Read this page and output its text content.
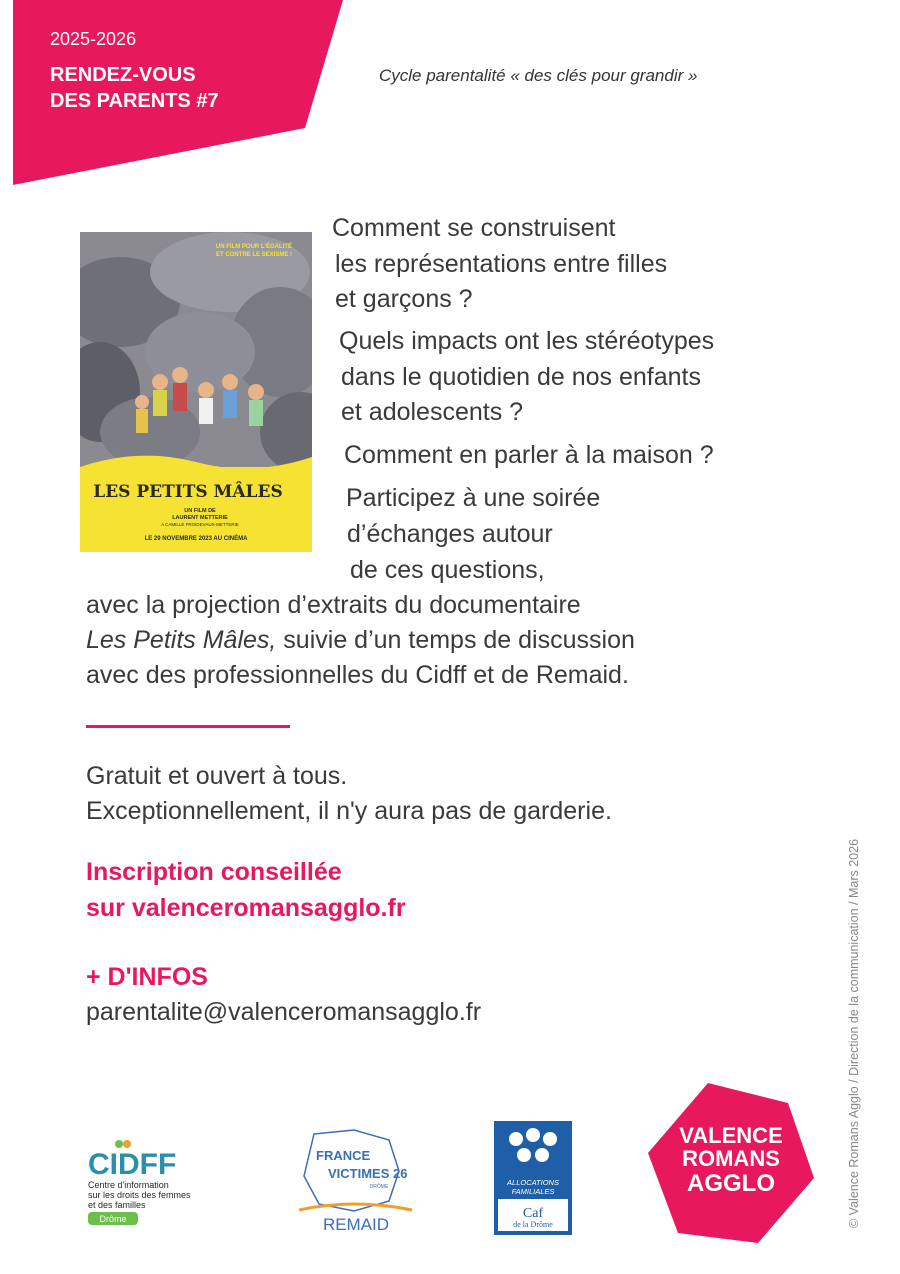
2025-2026
RENDEZ-VOUS
DES PARENTS #7
Cycle parentalité « des clés pour grandir »
UN FILM POUR L'ÉGALITÉ
ET CONTRE LE SEXISME !
LES PETITS MÂLES
UN FILM DE
LAURENT METTERIE
A CAMILLE FROIDEVAUX-METTERIE
LE 29 NOVEMBRE 2023 AU CINÉMA
Comment se construisent
les représentations entre filles
et garçons ?
Quels impacts ont les stéréotypes
dans le quotidien de nos enfants
et adolescents ?
Comment en parler à la maison ?
Participez à une soirée
d’échanges autour
de ces questions,
avec la projection d’extraits du documentaire
Les Petits Mâles, suivie d’un temps de discussion
avec des professionnelles du Cidff et de Remaid.
Gratuit et ouvert à tous.
Exceptionnellement, il n'y aura pas de garderie.
Inscription conseillée
sur valenceromansagglo.fr
+ D'INFOS
parentalite@valenceromansagglo.fr	© Valence Romans Agglo / Direction de la communication / Mars 2026
CIDFF
Centre d'information
sur les droits des femmes
et des familles
Drôme
FRANCE
VICTIMES 26
DRÔME
REMAID
ALLOCATIONS
FAMILIALES
Caf
de la Drôme
VALENCE
ROMANS
AGGLO
